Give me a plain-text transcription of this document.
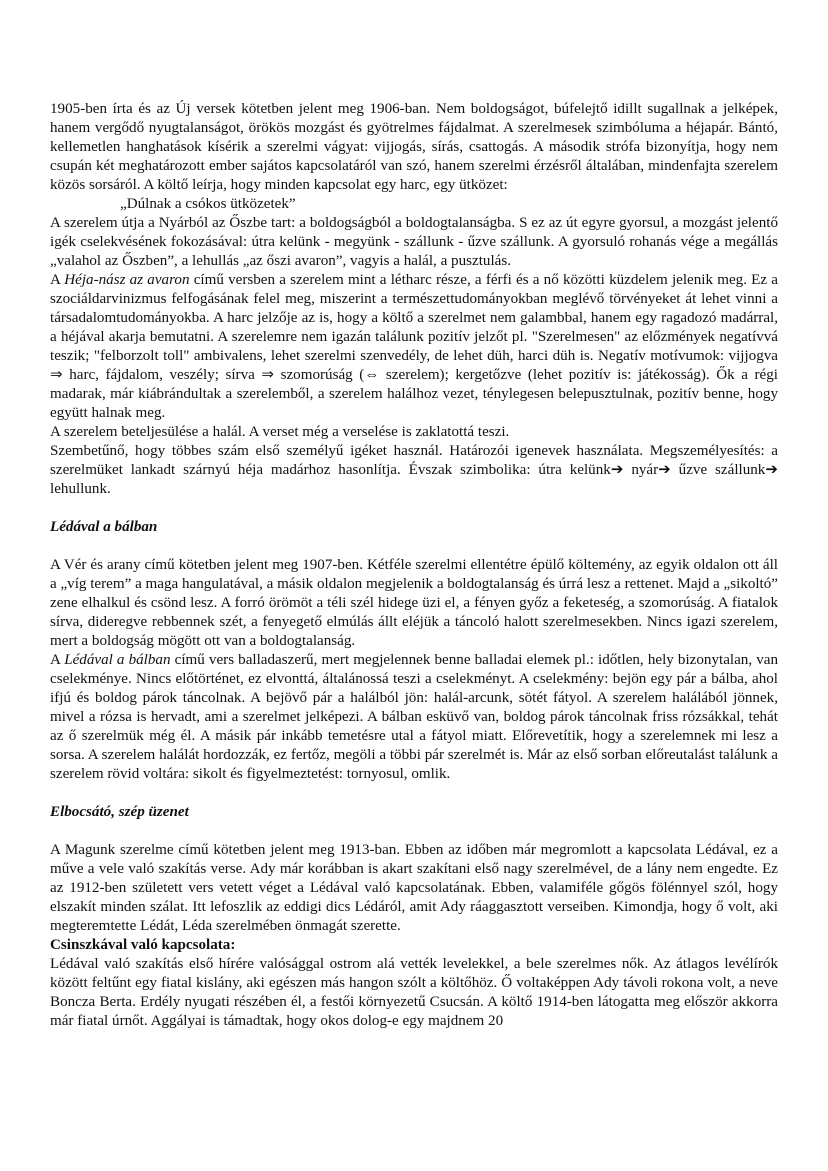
1905-ben írta és az Új versek kötetben jelent meg 1906-ban. Nem boldogságot, búfelejtő idillt sugallnak a jelképek, hanem vergődő nyugtalanságot, örökös mozgást és gyötrelmes fájdalmat. A szerelmesek szimbóluma a héjapár. Bántó, kellemetlen hanghatások kísérik a szerelmi vágyat: vijjogás, sírás, csattogás. A második strófa bizonyítja, hogy nem csupán két meghatározott ember sajátos kapcsolatáról van szó, hanem szerelmi érzésről általában, mindenfajta szerelem közös sorsáról. A költő leírja, hogy minden kapcsolat egy harc, egy ütközet:

„Dúlnak a csókos ütközetek”

A szerelem útja a Nyárból az Őszbe tart: a boldogságból a boldogtalanságba. S ez az út egyre gyorsul, a mozgást jelentő igék cselekvésének fokozásával: útra kelünk - megyünk - szállunk - űzve szállunk. A gyorsuló rohanás vége a megállás „valahol az Őszben”, a lehullás „az őszi avaron”, vagyis a halál, a pusztulás.

A Héja-nász az avaron című versben a szerelem mint a létharc része, a férfi és a nő közötti küzdelem jelenik meg. Ez a szociáldarvinizmus felfogásának felel meg, miszerint a természettudományokban meglévő törvényeket át lehet vinni a társadalomtudományokba. A harc jelzője az is, hogy a költő a szerelmet nem galambbal, hanem egy ragadozó madárral, a héjával akarja bemutatni. A szerelemre nem igazán találunk pozitív jelzőt pl. "Szerelmesen" az előzmények negatívvá teszik; "felborzolt toll" ambivalens, lehet szerelmi szenvedély, de lehet düh, harci düh is. Negatív motívumok: vijjogva ⇒ harc, fájdalom, veszély; sírva ⇒ szomorúság (⇔ szerelem); kergetőzve (lehet pozitív is: játékosság). Ők a régi madarak, már kiábrándultak a szerelemből, a szerelem halálhoz vezet, ténylegesen belepusztulnak, pozitív benne, hogy együtt halnak meg.

A szerelem beteljesülése a halál. A verset még a verselése is zaklatottá teszi.

Szembetűnő, hogy többes szám első személyű igéket használ. Határozói igenevek használata. Megszemélyesítés: a szerelmüket lankadt szárnyú héja madárhoz hasonlítja. Évszak szimbolika: útra kelünk➔ nyár➔ űzve szállunk➔ lehullunk.

Lédával a bálban

A Vér és arany című kötetben jelent meg 1907-ben. Kétféle szerelmi ellentétre épülő költemény, az egyik oldalon ott áll a „víg terem” a maga hangulatával, a másik oldalon megjelenik a boldogtalanság és úrrá lesz a rettenet. Majd a „sikoltó” zene elhalkul és csönd lesz. A forró örömöt a téli szél hidege üzi el, a fényen győz a feketeség, a szomorúság. A fiatalok sírva, dideregve rebbennek szét, a fenyegető elmúlás állt eléjük a táncoló halott szerelmesekben. Nincs igazi szerelem, mert a boldogság mögött ott van a boldogtalanság.

A Lédával a bálban című vers balladaszerű, mert megjelennek benne balladai elemek pl.: időtlen, hely bizonytalan, van cselekménye. Nincs előtörténet, ez elvonttá, általánossá teszi a cselekményt. A cselekmény: bejön egy pár a bálba, ahol ifjú és boldog párok táncolnak. A bejövő pár a halálból jön: halál-arcunk, sötét fátyol. A szerelem halálából jönnek, mivel a rózsa is hervadt, ami a szerelmet jelképezi. A bálban esküvő van, boldog párok táncolnak friss rózsákkal, tehát az ő szerelmük még él. A másik pár inkább temetésre utal a fátyol miatt. Előrevetítik, hogy a szerelemnek mi lesz a sorsa. A szerelem halálát hordozzák, ez fertőz, megöli a többi pár szerelmét is. Már az első sorban előreutalást találunk a szerelem rövid voltára: sikolt és figyelmeztetést: tornyosul, omlik.

Elbocsátó, szép üzenet

A Magunk szerelme című kötetben jelent meg 1913-ban. Ebben az időben már megromlott a kapcsolata Lédával, ez a műve a vele való szakítás verse. Ady már korábban is akart szakítani első nagy szerelmével, de a lány nem engedte. Ez az 1912-ben született vers vetett véget a Lédával való kapcsolatának. Ebben, valamiféle gőgös fölénnyel szól, hogy elszakít minden szálat. Itt lefoszlik az eddigi dics Lédáról, amit Ady ráaggasztott verseiben. Kimondja, hogy ő volt, aki megteremtette Lédát, Léda szerelmében önmagát szerette.

Csinszkával való kapcsolata:

Lédával való szakítás első hírére valósággal ostrom alá vették levelekkel, a bele szerelmes nők. Az átlagos levélírók között feltűnt egy fiatal kislány, aki egészen más hangon szólt a költőhöz. Ő voltaképpen Ady távoli rokona volt, a neve Boncza Berta. Erdély nyugati részében él, a festői környezetű Csucsán. A költő 1914-ben látogatta meg először akkorra már fiatal úrnőt. Aggályai is támadtak, hogy okos dolog-e egy majdnem 20
